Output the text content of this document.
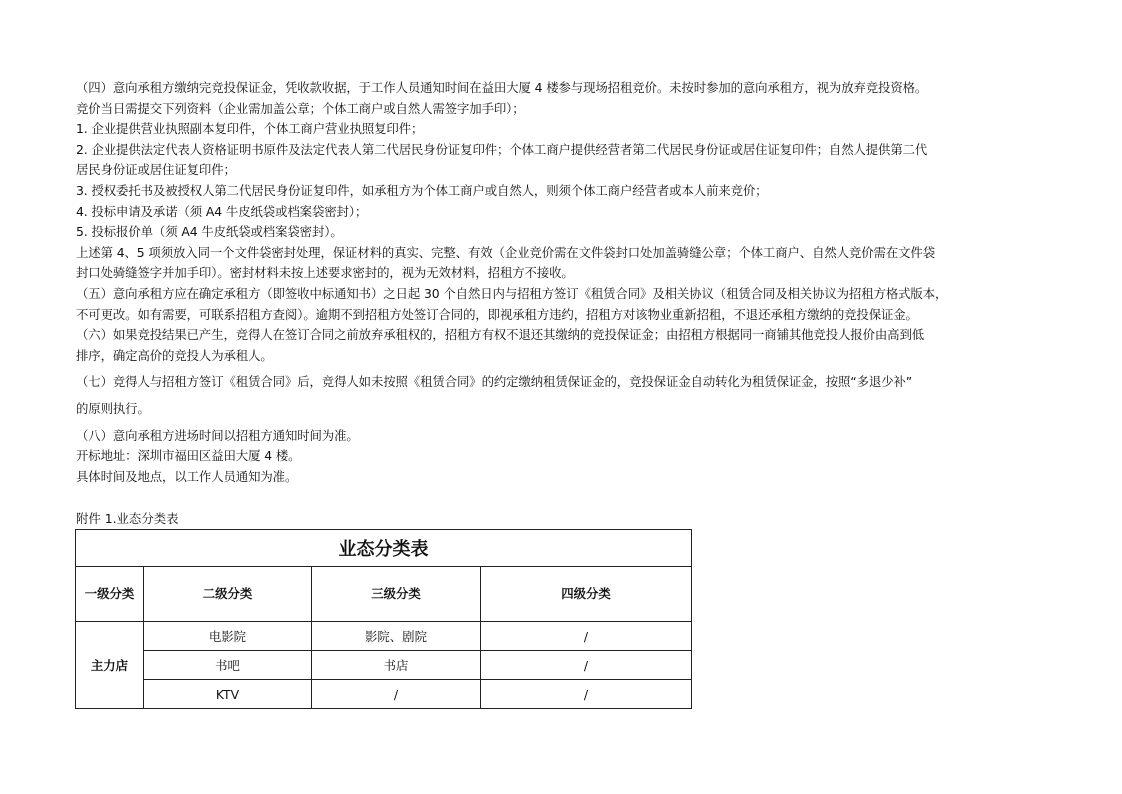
（四）意向承租方缴纳完竞投保证金，凭收款收据，于工作人员通知时间在益田大厦 4 楼参与现场招租竞价。未按时参加的意向承租方，视为放弃竞投资格。

竞价当日需提交下列资料（企业需加盖公章；个体工商户或自然人需签字加手印）；

1. 企业提供营业执照副本复印件，个体工商户营业执照复印件；

2. 企业提供法定代表人资格证明书原件及法定代表人第二代居民身份证复印件；个体工商户提供经营者第二代居民身份证或居住证复印件；自然人提供第二代

居民身份证或居住证复印件；

3. 授权委托书及被授权人第二代居民身份证复印件，如承租方为个体工商户或自然人，则须个体工商户经营者或本人前来竞价；

4. 投标申请及承诺（须 A4 牛皮纸袋或档案袋密封）；

5. 投标报价单（须 A4 牛皮纸袋或档案袋密封）。

上述第 4、5 项须放入同一个文件袋密封处理，保证材料的真实、完整、有效（企业竞价需在文件袋封口处加盖骑缝公章；个体工商户、自然人竞价需在文件袋

封口处骑缝签字并加手印）。密封材料未按上述要求密封的，视为无效材料，招租方不接收。

（五）意向承租方应在确定承租方（即签收中标通知书）之日起 30 个自然日内与招租方签订《租赁合同》及相关协议（租赁合同及相关协议为招租方格式版本，

不可更改。如有需要，可联系招租方查阅）。逾期不到招租方处签订合同的，即视承租方违约，招租方对该物业重新招租，不退还承租方缴纳的竞投保证金。

（六）如果竞投结果已产生，竞得人在签订合同之前放弃承租权的，招租方有权不退还其缴纳的竞投保证金；由招租方根据同一商铺其他竞投人报价由高到低

排序，确定高价的竞投人为承租人。

（七）竞得人与招租方签订《租赁合同》后，竞得人如未按照《租赁合同》的约定缴纳租赁保证金的，竞投保证金自动转化为租赁保证金，按照“多退少补”

的原则执行。

（八）意向承租方进场时间以招租方通知时间为准。

开标地址：深圳市福田区益田大厦 4 楼。

具体时间及地点，以工作人员通知为准。

附件 1.业态分类表
业态分类表			
一级分类	二级分类	三级分类	四级分类
主力店	电影院	影院、剧院	/
	书吧	书店	/
	KTV	/	/
